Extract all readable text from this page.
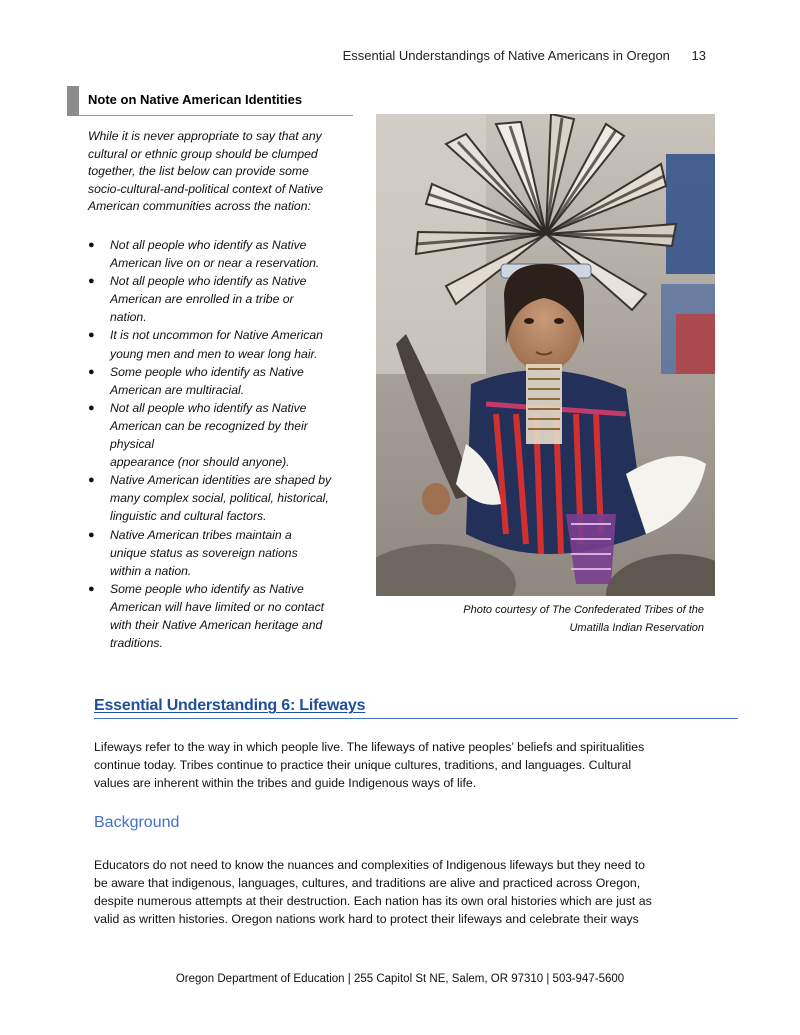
Essential Understandings of Native Americans in Oregon 13
Note on Native American Identities
While it is never appropriate to say that any
cultural or ethnic group should be clumped
together, the list below can provide some
socio-cultural-and-political context of Native
American communities across the nation:
● Not all people who identify as Native
American live on or near a reservation.
● Not all people who identify as Native
American are enrolled in a tribe or
nation.
● It is not uncommon for Native American
young men and men to wear long hair.
● Some people who identify as Native
American are multiracial.
● Not all people who identify as Native
American can be recognized by their
physical
appearance (nor should anyone).
● Native American identities are shaped by
many complex social, political, historical,
linguistic and cultural factors.
● Native American tribes maintain a
unique status as sovereign nations
within a nation.
● Some people who identify as Native
American will have limited or no contact
with their Native American heritage and
traditions.
Photo courtesy of The Confederated Tribes of the
Umatilla Indian Reservation
Essential Understanding 6: Lifeways
Lifeways refer to the way in which people live. The lifeways of native peoples’ beliefs and spiritualities
continue today. Tribes continue to practice their unique cultures, traditions, and languages. Cultural
values are inherent within the tribes and guide Indigenous ways of life.
Background
Educators do not need to know the nuances and complexities of Indigenous lifeways but they need to
be aware that indigenous, languages, cultures, and traditions are alive and practiced across Oregon,
despite numerous attempts at their destruction. Each nation has its own oral histories which are just as
valid as written histories. Oregon nations work hard to protect their lifeways and celebrate their ways
Oregon Department of Education | 255 Capitol St NE, Salem, OR 97310 | 503-947-5600
